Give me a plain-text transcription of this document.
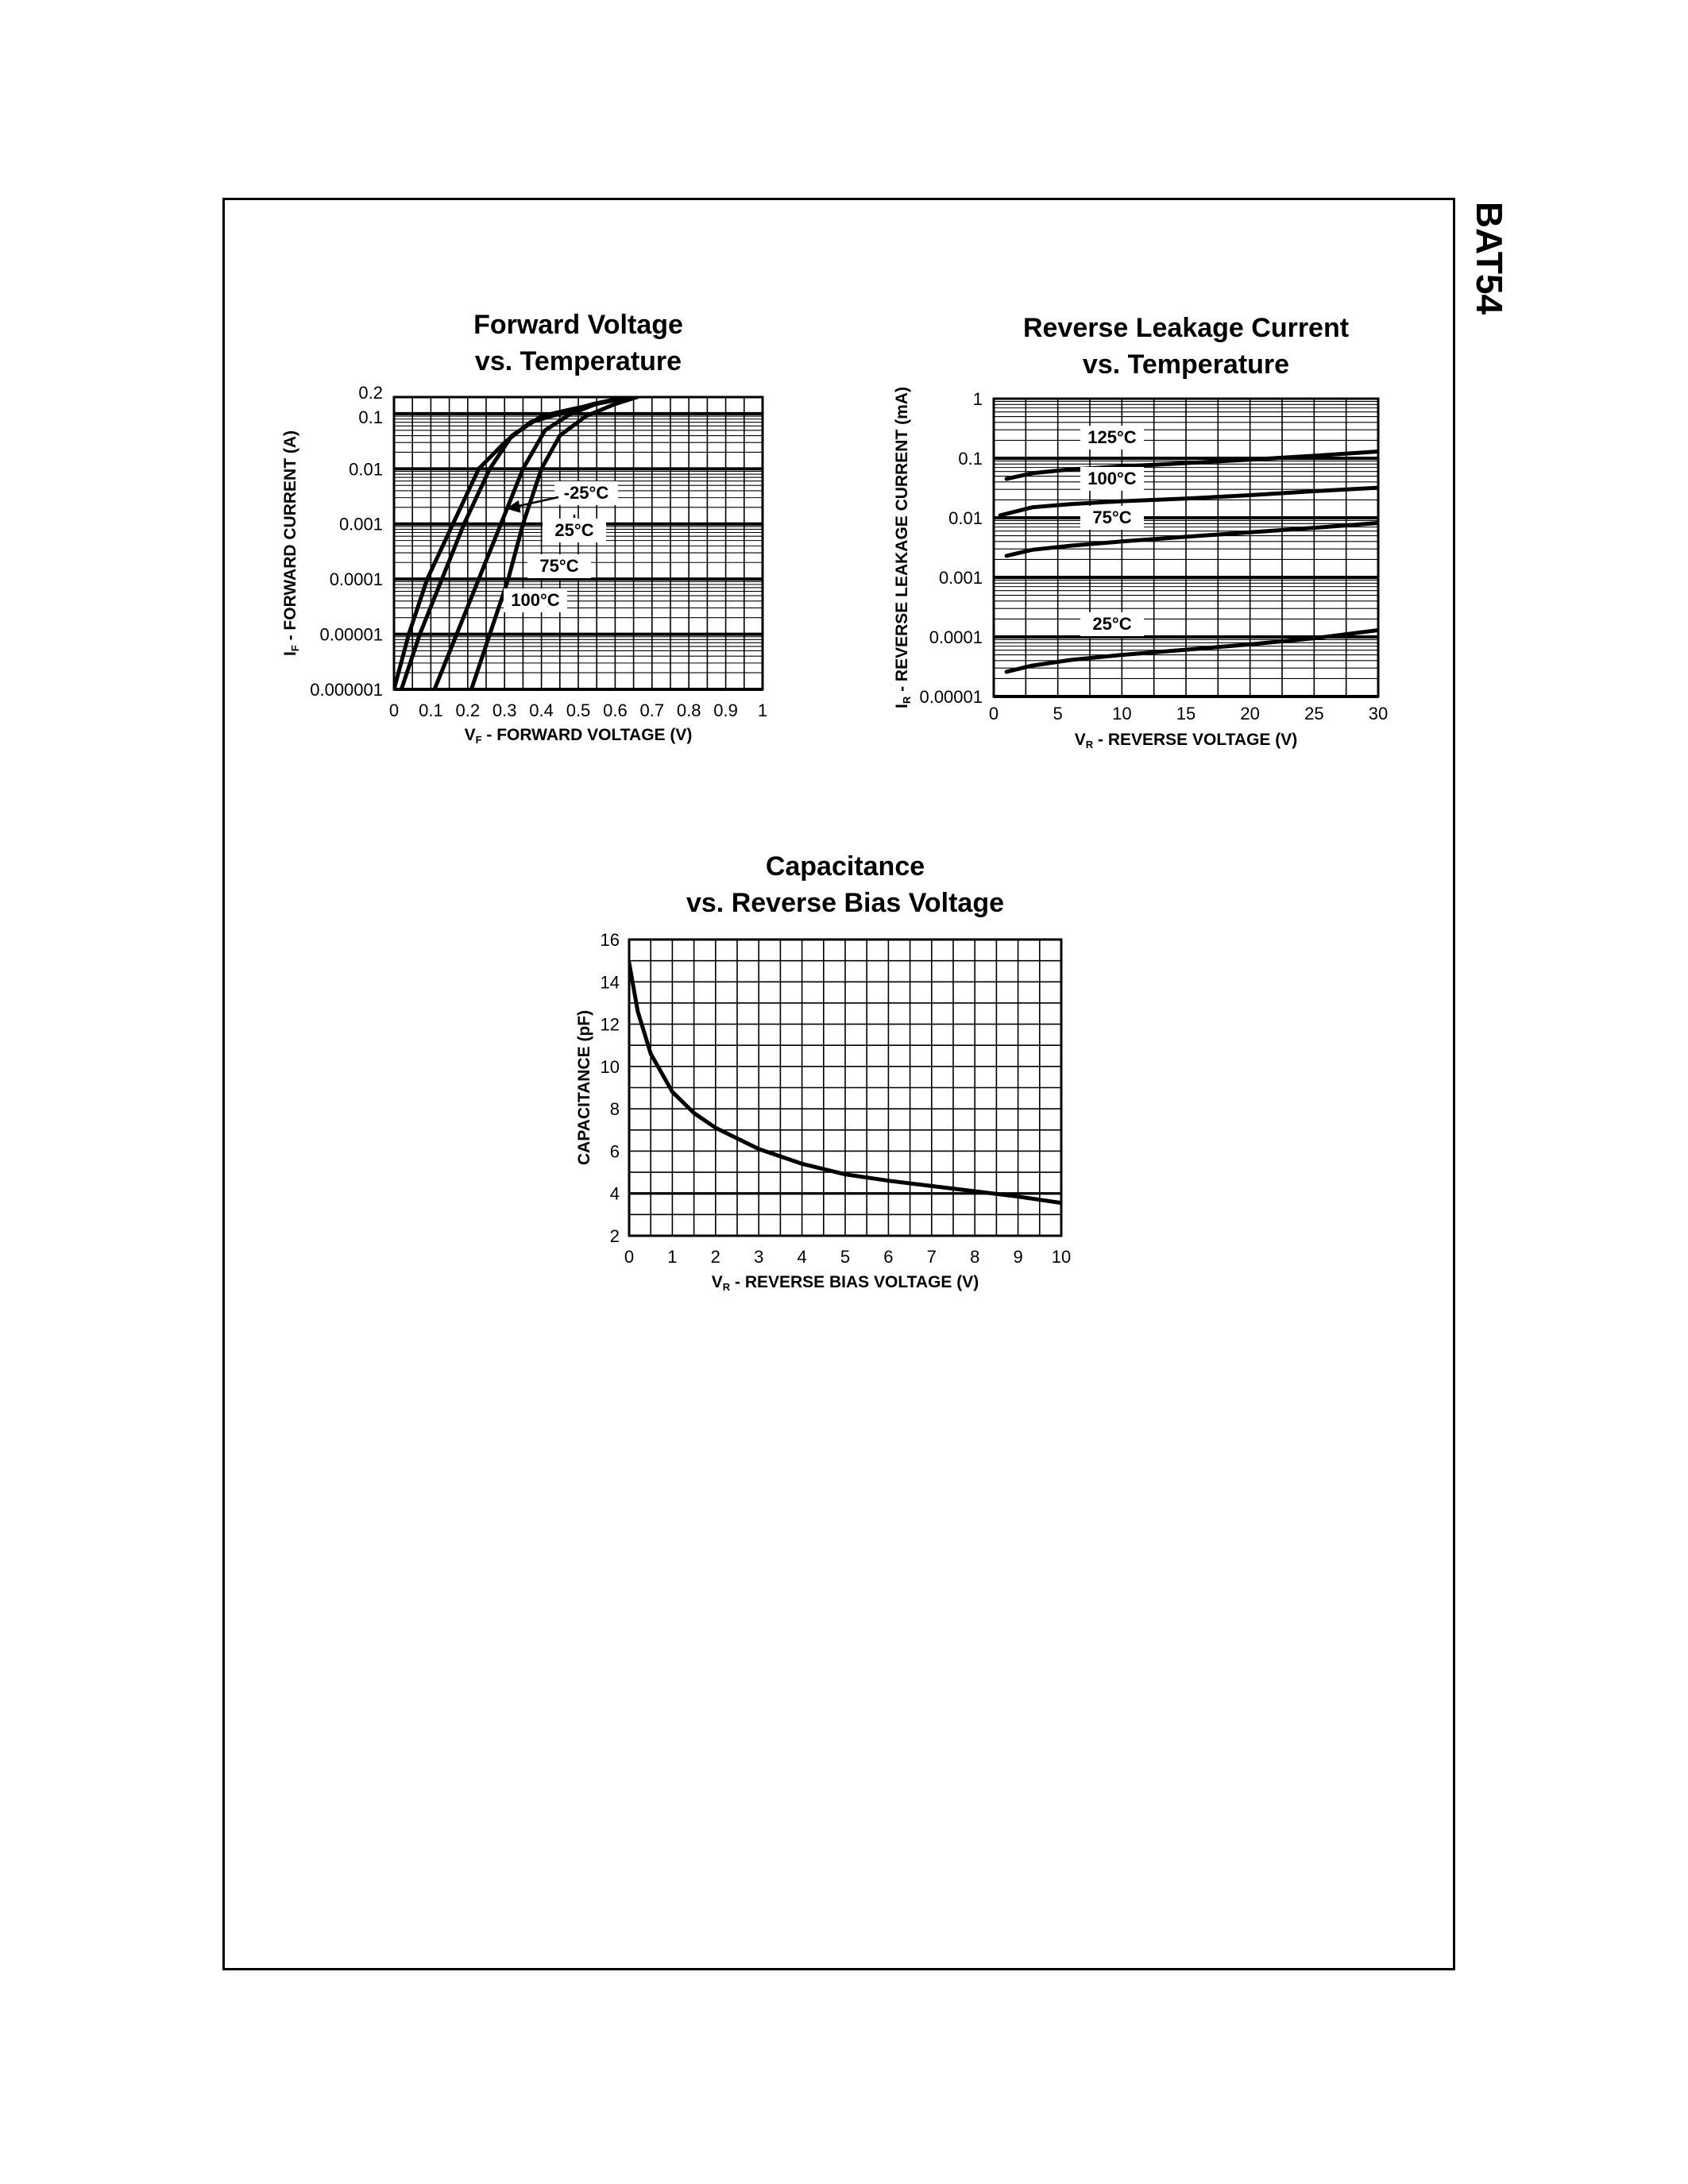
BAT54
Forward Voltage
vs. Temperature
0 0.1 0.2 0.3 0.4 0.5 0.6 0.7 0.8 0.9 1
0.000001
0.00001
0.0001
0.001
0.01
0.1
0.2
VF - FORWARD VOLTAGE (V)
IF - FORWARD CURRENT (A)	-25°C
25°C
75°C
100°C
Reverse Leakage Current
vs. Temperature
0	5	10	15	20	25	30
0.00001
0.0001
0.001
0.01
0.1
1
VR - REVERSE VOLTAGE (V)
IR - REVERSE LEAKAGE CURRENT (mA)	125°C
100°C
75°C
25°C
Capacitance
vs. Reverse Bias Voltage
0 1 2 3 4 5 6 7 8 9 10
2
4
6
8
10
12
14
16
VR - REVERSE BIAS VOLTAGE (V)
CAPACITANCE (pF)
